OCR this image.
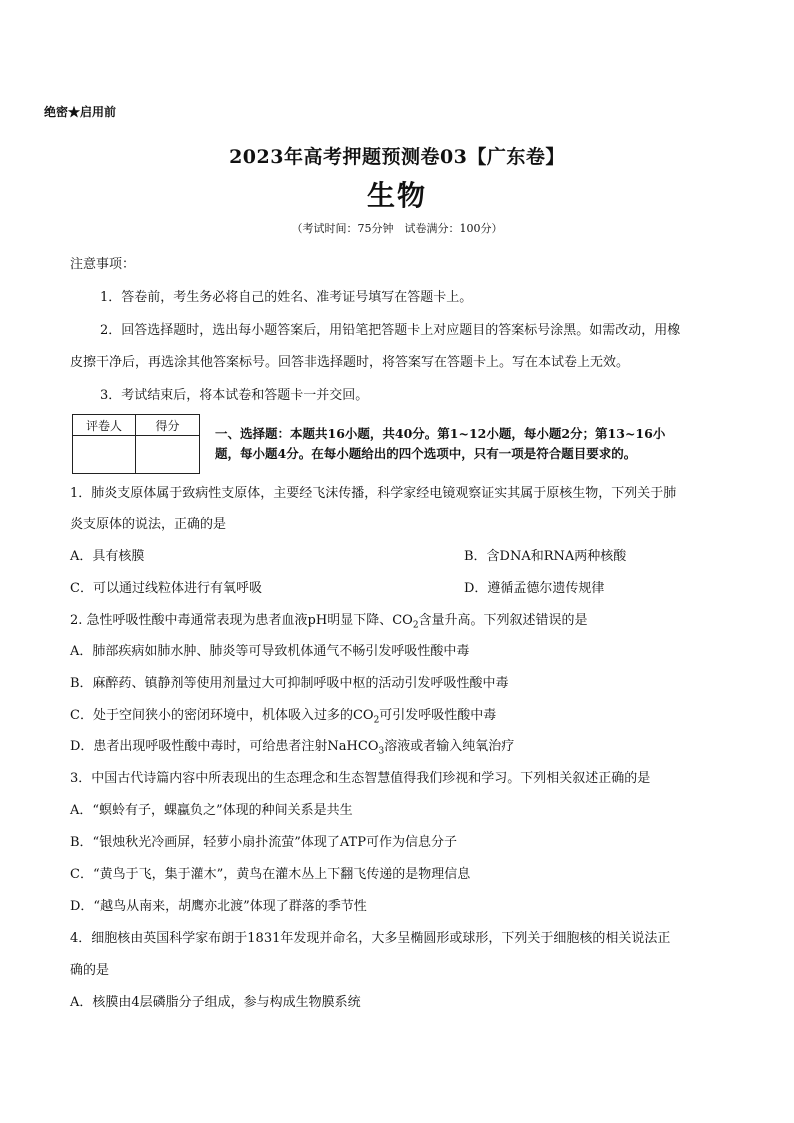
绝密★启用前
2023年高考押题预测卷03【广东卷】
生物
（考试时间：75分钟　试卷满分：100分）
注意事项：
1．答卷前，考生务必将自己的姓名、准考证号填写在答题卡上。
2．回答选择题时，选出每小题答案后，用铅笔把答题卡上对应题目的答案标号涂黑。如需改动，用橡
皮擦干净后，再选涂其他答案标号。回答非选择题时，将答案写在答题卡上。写在本试卷上无效。
3．考试结束后，将本试卷和答题卡一并交回。
评卷人	得分

一、选择题：本题共16小题，共40分。第1~12小题，每小题2分；第13~16小
题，每小题4分。在每小题给出的四个选项中，只有一项是符合题目要求的。
1．肺炎支原体属于致病性支原体，主要经飞沫传播，科学家经电镜观察证实其属于原核生物，下列关于肺
炎支原体的说法，正确的是
A．具有核膜	B．含DNA和RNA两种核酸
C．可以通过线粒体进行有氧呼吸	D．遵循孟德尔遗传规律
2. 急性呼吸性酸中毒通常表现为患者血液pH明显下降、$CO_2$含量升高。下列叙述错误的是
A．肺部疾病如肺水肿、肺炎等可导致机体通气不畅引发呼吸性酸中毒
B．麻醉药、镇静剂等使用剂量过大可抑制呼吸中枢的活动引发呼吸性酸中毒
C．处于空间狭小的密闭环境中，机体吸入过多的$CO_2$可引发呼吸性酸中毒
D．患者出现呼吸性酸中毒时，可给患者注射NaHCO$_3$溶液或者输入纯氧治疗
3．中国古代诗篇内容中所表现出的生态理念和生态智慧值得我们珍视和学习。下列相关叙述正确的是
A．“螟蛉有子，蜾蠃负之”体现的种间关系是共生
B．“银烛秋光冷画屏，轻萝小扇扑流萤”体现了ATP可作为信息分子
C．“黄鸟于飞，集于灌木”，黄鸟在灌木丛上下翻飞传递的是物理信息
D．“越鸟从南来，胡鹰亦北渡”体现了群落的季节性
4．细胞核由英国科学家布朗于1831年发现并命名，大多呈椭圆形或球形，下列关于细胞核的相关说法正
确的是
A．核膜由4层磷脂分子组成，参与构成生物膜系统
